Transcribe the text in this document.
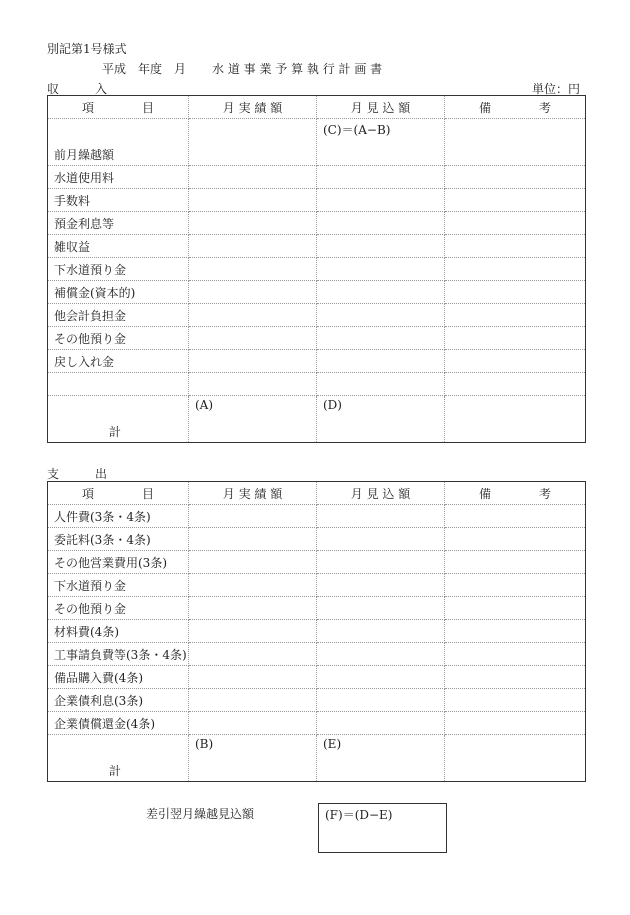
別記第1号様式
平成　年度　月 水 道 事 業 予 算 執 行 計 画 書
収　　　入	単位：円
項　　　　目	月 実 績 額	月 見 込 額	備　　　　考
前月繰越額		(C)＝(A−B)	
水道使用料			
手数料			
預金利息等			
雑収益			
下水道預り金			
補償金(資本的)			
他会計負担金			
その他預り金			
戻し入れ金			

計	(A)	(D)	
項　　　　目	月 実 績 額	月 見 込 額	備　　　　考
人件費(3条・4条)			
委託料(3条・4条)			
その他営業費用(3条)			
下水道預り金			
その他預り金			
材料費(4条)			
工事請負費等(3条・4条)			
備品購入費(4条)			
企業債利息(3条)			
企業債償還金(4条)			
計	(B)	(E)	
支　　　出
差引翌月繰越見込額	(F)＝(D−E)
